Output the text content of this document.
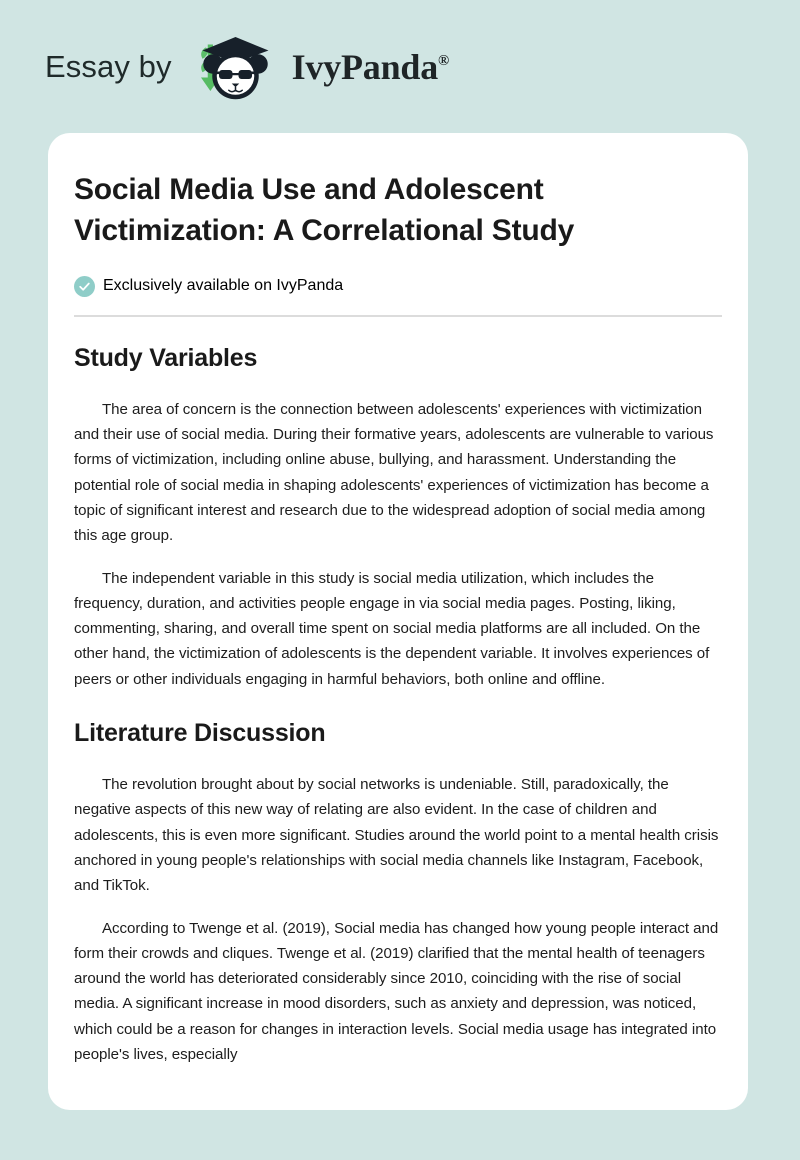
Essay by	IvyPanda®
Social Media Use and Adolescent Victimization: A Correlational Study
Exclusively available on IvyPanda
Study Variables

The area of concern is the connection between adolescents' experiences with victimization and their use of social media. During their formative years, adolescents are vulnerable to various forms of victimization, including online abuse, bullying, and harassment. Understanding the potential role of social media in shaping adolescents' experiences of victimization has become a topic of significant interest and research due to the widespread adoption of social media among this age group.

The independent variable in this study is social media utilization, which includes the frequency, duration, and activities people engage in via social media pages. Posting, liking, commenting, sharing, and overall time spent on social media platforms are all included. On the other hand, the victimization of adolescents is the dependent variable. It involves experiences of peers or other individuals engaging in harmful behaviors, both online and offline.

Literature Discussion

The revolution brought about by social networks is undeniable. Still, paradoxically, the negative aspects of this new way of relating are also evident. In the case of children and adolescents, this is even more significant. Studies around the world point to a mental health crisis anchored in young people's relationships with social media channels like Instagram, Facebook, and TikTok.

According to Twenge et al. (2019), Social media has changed how young people interact and form their crowds and cliques. Twenge et al. (2019) clarified that the mental health of teenagers around the world has deteriorated considerably since 2010, coinciding with the rise of social media. A significant increase in mood disorders, such as anxiety and depression, was noticed, which could be a reason for changes in interaction levels. Social media usage has integrated into people's lives, especially
